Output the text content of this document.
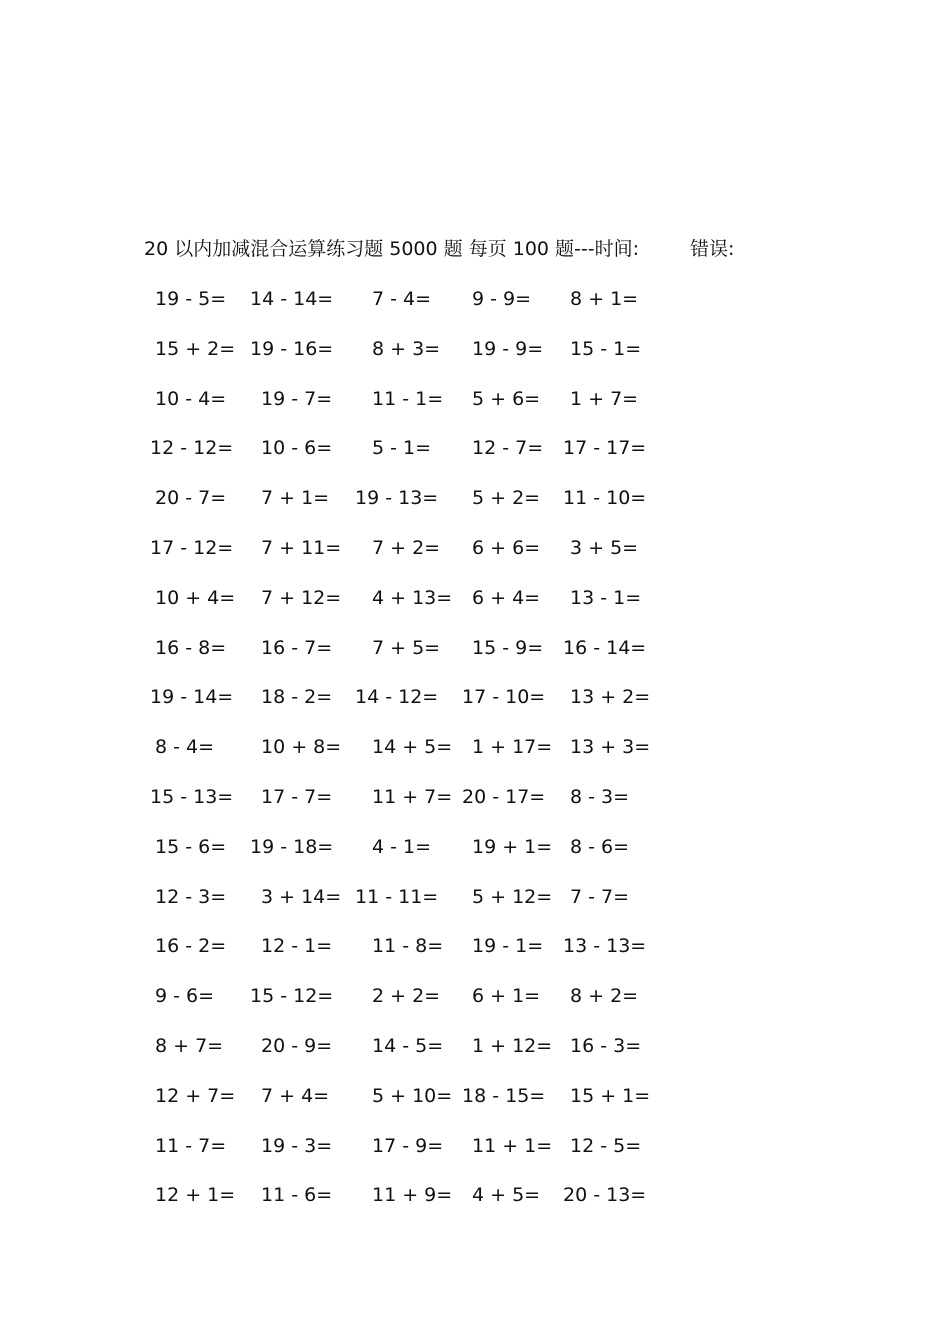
20 以内加减混合运算练习题 5000 题 每页 100 题---时间:	错误:
19 - 5= 14 - 14= 7 - 4= 9 - 9= 8 + 1=
15 + 2= 19 - 16= 8 + 3= 19 - 9= 15 - 1=
10 - 4= 19 - 7= 11 - 1= 5 + 6= 1 + 7=
12 - 12= 10 - 6= 5 - 1= 12 - 7= 17 - 17=
20 - 7= 7 + 1= 19 - 13= 5 + 2= 11 - 10=
17 - 12= 7 + 11= 7 + 2= 6 + 6= 3 + 5=
10 + 4= 7 + 12= 4 + 13= 6 + 4= 13 - 1=
16 - 8= 16 - 7= 7 + 5= 15 - 9= 16 - 14=
19 - 14= 18 - 2= 14 - 12= 17 - 10= 13 + 2=
8 - 4= 10 + 8= 14 + 5= 1 + 17= 13 + 3=
15 - 13= 17 - 7= 11 + 7= 20 - 17= 8 - 3=
15 - 6= 19 - 18= 4 - 1= 19 + 1= 8 - 6=
12 - 3= 3 + 14= 11 - 11= 5 + 12= 7 - 7=
16 - 2= 12 - 1= 11 - 8= 19 - 1= 13 - 13=
9 - 6= 15 - 12= 2 + 2= 6 + 1= 8 + 2=
8 + 7= 20 - 9= 14 - 5= 1 + 12= 16 - 3=
12 + 7= 7 + 4= 5 + 10= 18 - 15= 15 + 1=
11 - 7= 19 - 3= 17 - 9= 11 + 1= 12 - 5=
12 + 1= 11 - 6= 11 + 9= 4 + 5= 20 - 13=
